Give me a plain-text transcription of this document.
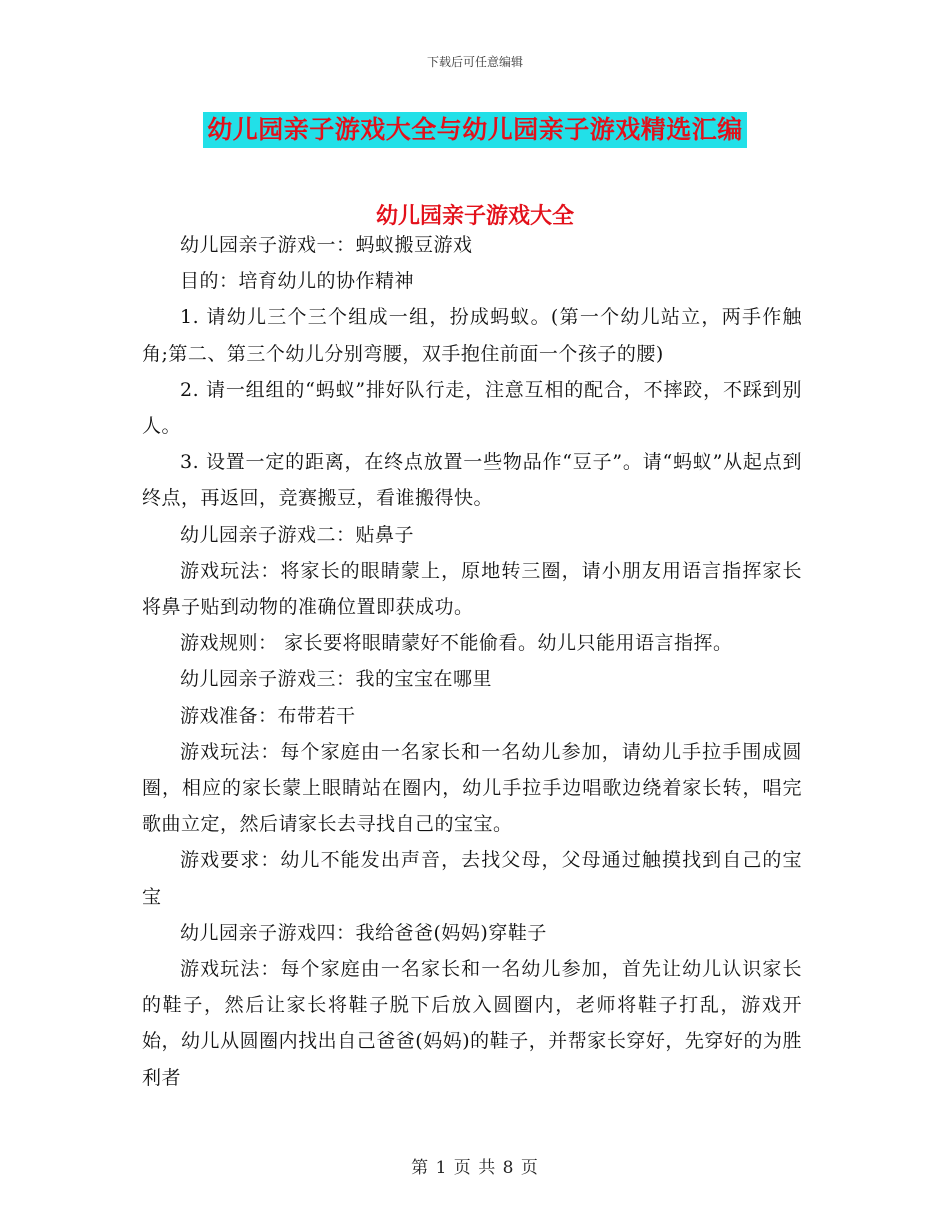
下载后可任意编辑
幼儿园亲子游戏大全与幼儿园亲子游戏精选汇编
幼儿园亲子游戏大全

幼儿园亲子游戏一：蚂蚁搬豆游戏

目的：培育幼儿的协作精神

1. 请幼儿三个三个组成一组，扮成蚂蚁。(第一个幼儿站立，两手作触角;第二、第三个幼儿分别弯腰，双手抱住前面一个孩子的腰)

2. 请一组组的“蚂蚁”排好队行走，注意互相的配合，不摔跤，不踩到别人。

3. 设置一定的距离，在终点放置一些物品作“豆子”。请“蚂蚁”从起点到终点，再返回，竞赛搬豆，看谁搬得快。

幼儿园亲子游戏二：贴鼻子

游戏玩法：将家长的眼睛蒙上，原地转三圈，请小朋友用语言指挥家长将鼻子贴到动物的准确位置即获成功。

游戏规则： 家长要将眼睛蒙好不能偷看。幼儿只能用语言指挥。

幼儿园亲子游戏三：我的宝宝在哪里

游戏准备：布带若干

游戏玩法：每个家庭由一名家长和一名幼儿参加，请幼儿手拉手围成圆圈，相应的家长蒙上眼睛站在圈内，幼儿手拉手边唱歌边绕着家长转，唱完歌曲立定，然后请家长去寻找自己的宝宝。

游戏要求：幼儿不能发出声音，去找父母，父母通过触摸找到自己的宝宝

幼儿园亲子游戏四：我给爸爸(妈妈)穿鞋子

游戏玩法：每个家庭由一名家长和一名幼儿参加，首先让幼儿认识家长的鞋子，然后让家长将鞋子脱下后放入圆圈内，老师将鞋子打乱，游戏开始，幼儿从圆圈内找出自己爸爸(妈妈)的鞋子，并帮家长穿好，先穿好的为胜利者

第 1 页 共 8 页
